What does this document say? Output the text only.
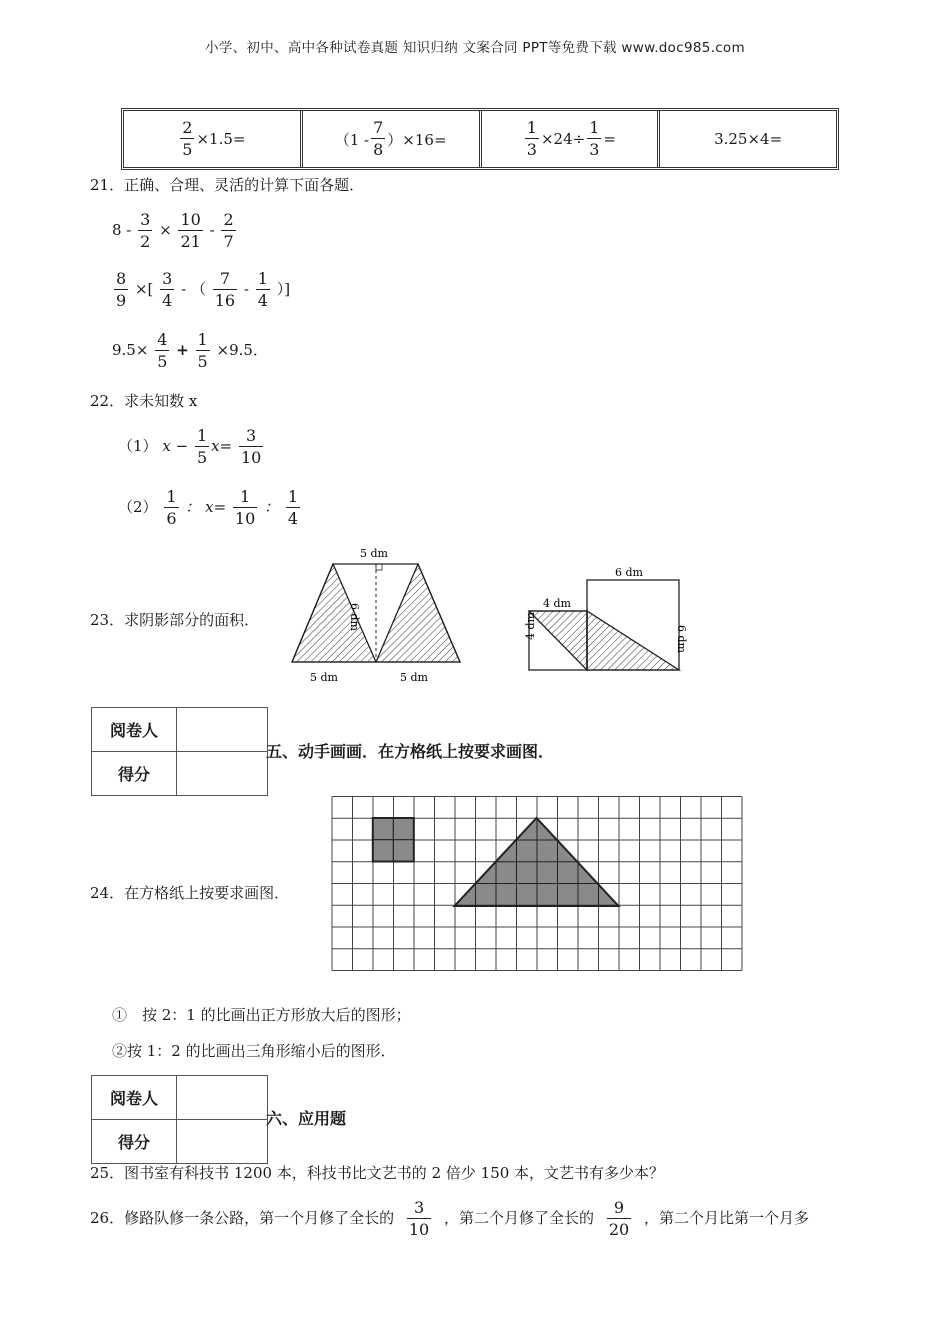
小学、初中、高中各种试卷真题 知识归纳 文案合同 PPT等免费下载 www.doc985.com
$\frac{2}{5} \times 1.5=$	$(1 - \frac{7}{8} )\times 16=$	$\frac{1}{3} \times 24\div \frac{1}{3}$ =	3.25×4=
21．正确、合理、灵活的计算下面各题．
$8 - \frac{3}{2} \times \frac{10}{21} - \frac{2}{7}$
$\frac{8}{9}$ ×[ $\frac{3}{4}$ - （ $\frac{7}{16} - \frac{1}{4}$ ）]
$9.5\times \frac{4}{5} + \frac{1}{5} \times 9.5$．
22．求未知数 x
（1） $x - \frac{1}{5} x= \frac{3}{10}$
$(2) \frac{1}{6}$ ： $x= \frac{1}{10}$ ： $\frac{1}{4}$
23．求阴影部分的面积．
5 dm
6 dm
5 dm	5 dm
6 dm
4 dm
4 dm	6 dm
阅卷人	
得分	
五、动手画画．在方格纸上按要求画图．
24．在方格纸上按要求画图．
①　按 2：1 的比画出正方形放大后的图形；
②按 1：2 的比画出三角形缩小后的图形．
阅卷人	
得分	
六、应用题
25．图书室有科技书 1200 本，科技书比文艺书的 2 倍少 150 本，文艺书有多少本？
26．修路队修一条公路，第一个月修了全长的 $\frac{3}{10}$ ，第二个月修了全长的 $\frac{9}{20}$ ，第二个月比第一个月多
